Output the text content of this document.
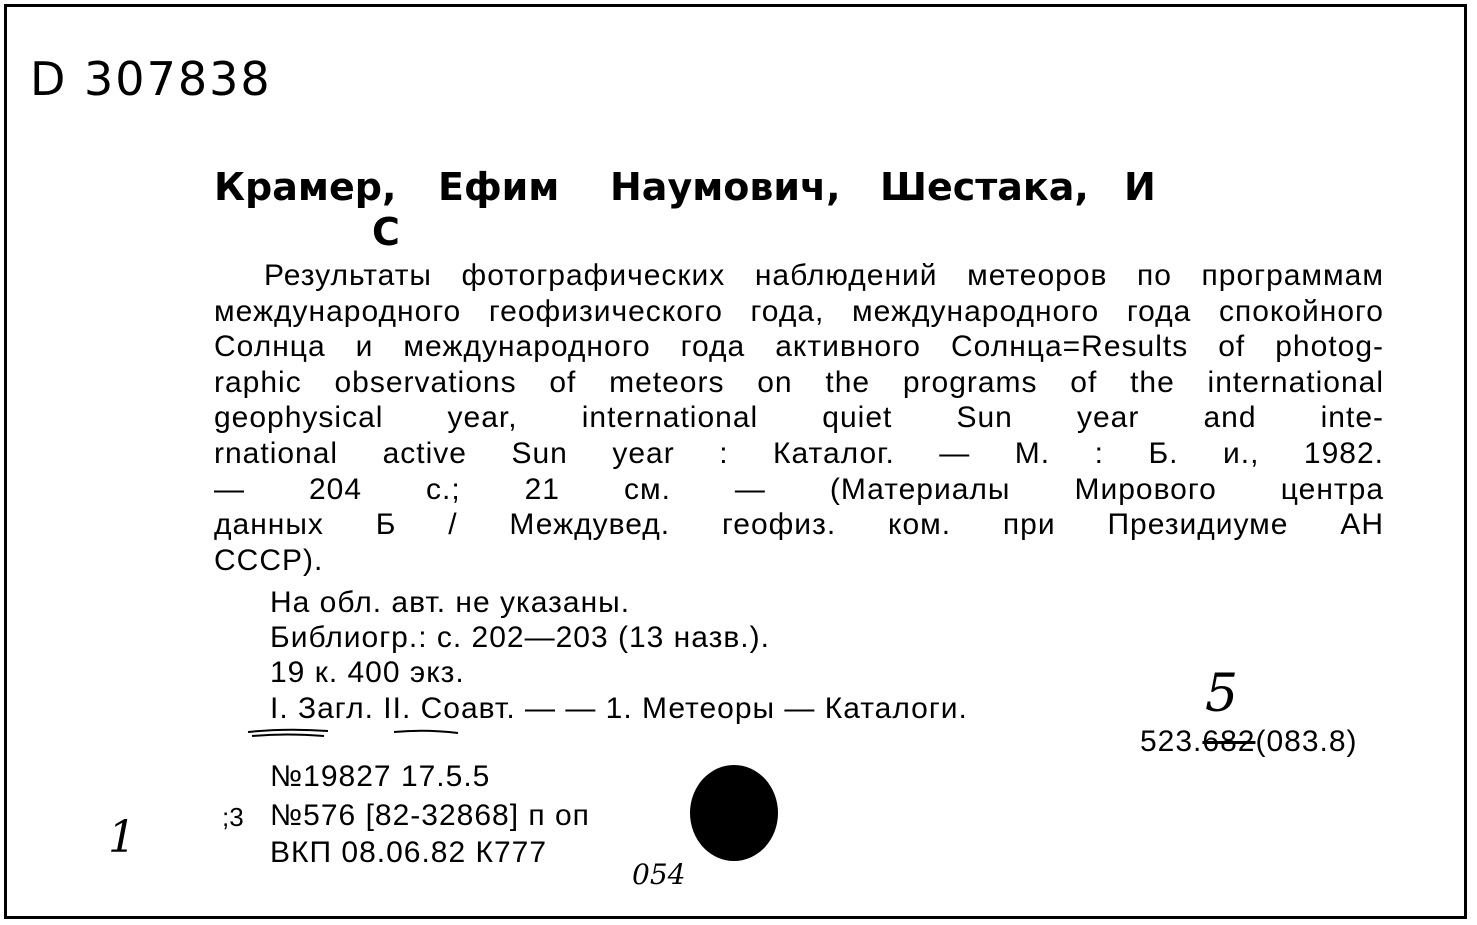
D 307838
Крамер, Ефим Наумович, Шестака, И
С
Результаты фотографических наблюдений метеоров по программам
международного геофизического года, международного года спокойного
Солнца и международного года активного Солнца=Results of photog-
raphic observations of meteors on the programs of the international
geophysical year, international quiet Sun year and inte-
rnational active Sun year : Каталог. — М. : Б. и., 1982.
— 204 с.; 21 см. — (Материалы Мирового центра
данных Б / Междувед. геофиз. ком. при Президиуме АН
СССР).
На обл. авт. не указаны.
Библиогр.: с. 202—203 (13 назв.).
19 к. 400 экз.
I. Загл. II. Соавт. — — 1. Метеоры — Каталоги.
523.682(083.8)
5
№19827 17.5.5
;3 №576 [82-32868] п оп
ВКП 08.06.82 К777
1
054
